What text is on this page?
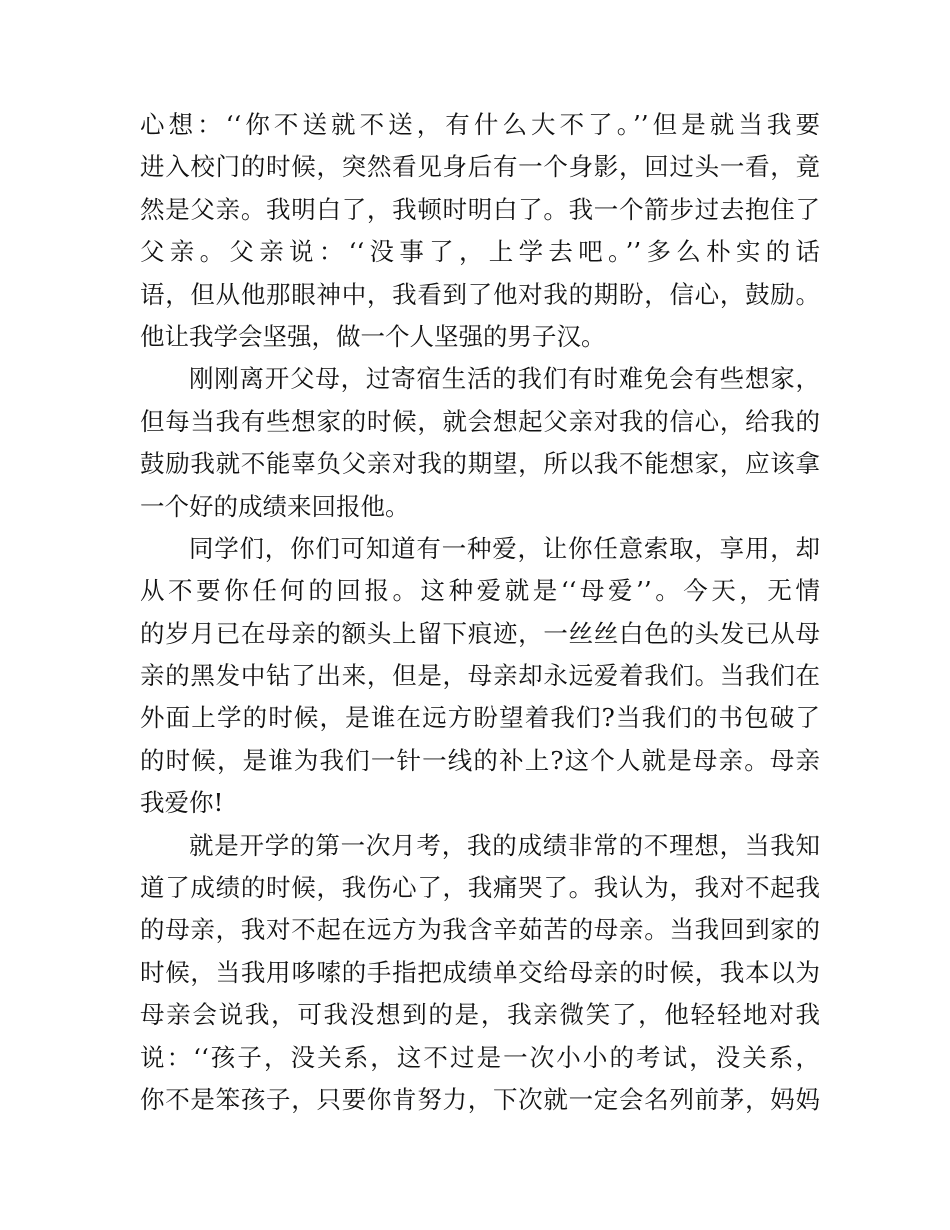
心想：‘‘你不送就不送，有什么大不了。’’但是就当我要
进入校门的时候，突然看见身后有一个身影，回过头一看，竟
然是父亲。我明白了，我顿时明白了。我一个箭步过去抱住了
父亲。父亲说：‘‘没事了，上学去吧。’’多么朴实的话
语，但从他那眼神中，我看到了他对我的期盼，信心，鼓励。
他让我学会坚强，做一个人坚强的男子汉。
刚刚离开父母，过寄宿生活的我们有时难免会有些想家，
但每当我有些想家的时候，就会想起父亲对我的信心，给我的
鼓励我就不能辜负父亲对我的期望，所以我不能想家，应该拿
一个好的成绩来回报他。
同学们，你们可知道有一种爱，让你任意索取，享用，却
从不要你任何的回报。这种爱就是‘‘母爱’’。今天，无情
的岁月已在母亲的额头上留下痕迹，一丝丝白色的头发已从母
亲的黑发中钻了出来，但是，母亲却永远爱着我们。当我们在
外面上学的时候，是谁在远方盼望着我们?当我们的书包破了
的时候，是谁为我们一针一线的补上?这个人就是母亲。母亲
我爱你!
就是开学的第一次月考，我的成绩非常的不理想，当我知
道了成绩的时候，我伤心了，我痛哭了。我认为，我对不起我
的母亲，我对不起在远方为我含辛茹苦的母亲。当我回到家的
时候，当我用哆嗦的手指把成绩单交给母亲的时候，我本以为
母亲会说我，可我没想到的是，我亲微笑了，他轻轻地对我
说：‘‘孩子，没关系，这不过是一次小小的考试，没关系，
你不是笨孩子，只要你肯努力，下次就一定会名列前茅，妈妈
